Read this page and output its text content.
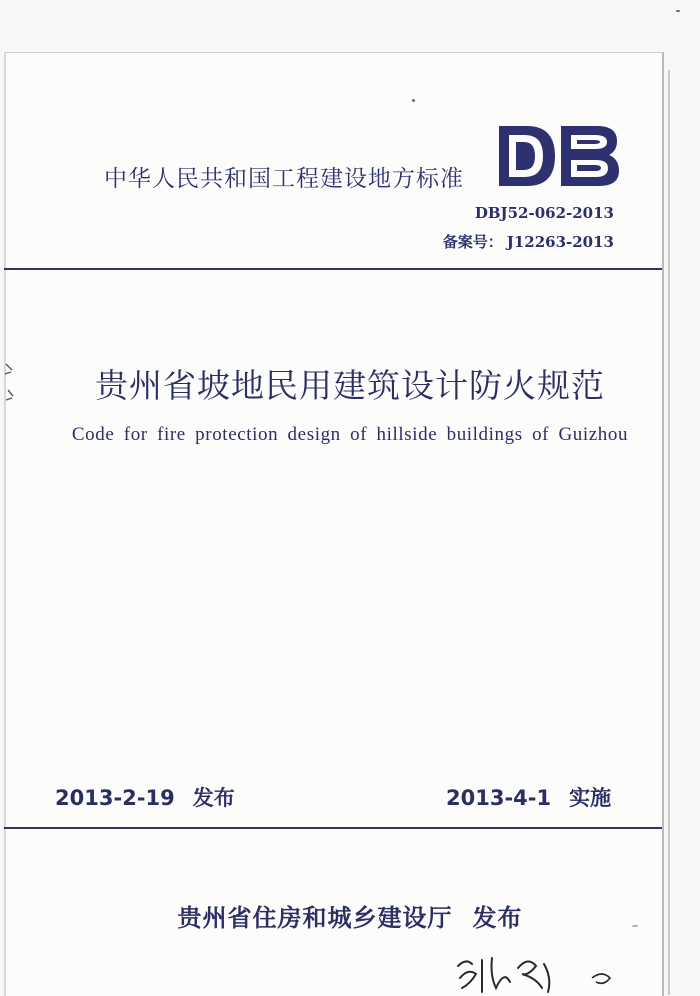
中华人民共和国工程建设地方标准
DBJ52-062-2013
备案号： J12263-2013
贵州省坡地民用建筑设计防火规范
Code for fire protection design of hillside buildings of Guizhou
2013-2-19 发布	2013-4-1 实施
贵州省住房和城乡建设厅 发布
